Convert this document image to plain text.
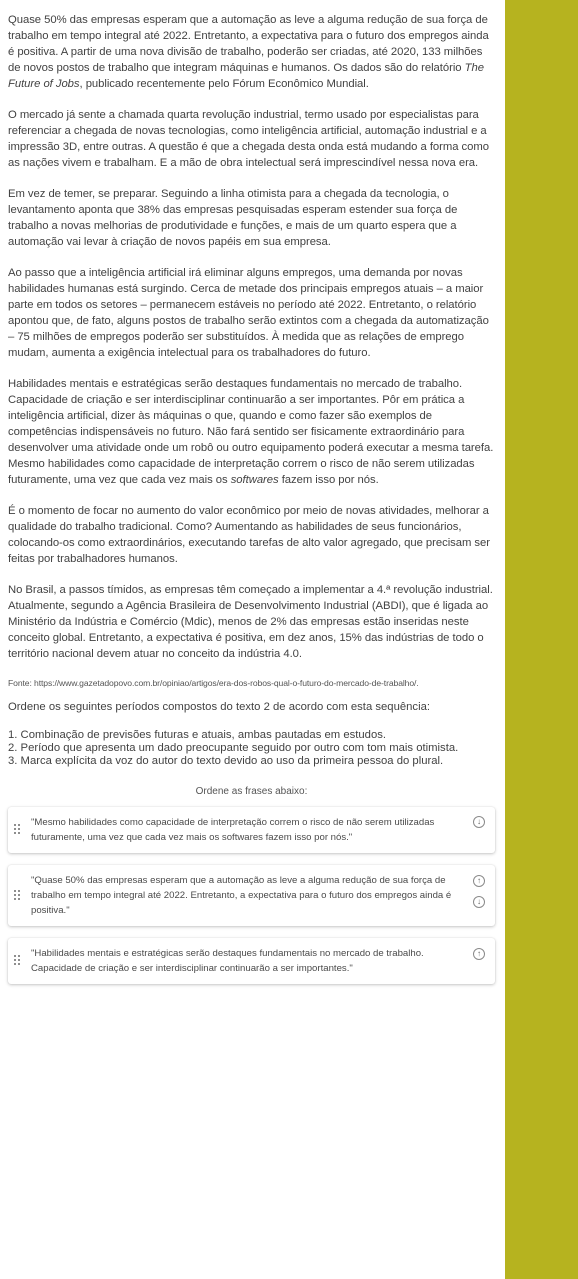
Quase 50% das empresas esperam que a automação as leve a alguma redução de sua força de trabalho em tempo integral até 2022. Entretanto, a expectativa para o futuro dos empregos ainda é positiva. A partir de uma nova divisão de trabalho, poderão ser criadas, até 2020, 133 milhões de novos postos de trabalho que integram máquinas e humanos. Os dados são do relatório The Future of Jobs, publicado recentemente pelo Fórum Econômico Mundial.

O mercado já sente a chamada quarta revolução industrial, termo usado por especialistas para referenciar a chegada de novas tecnologias, como inteligência artificial, automação industrial e a impressão 3D, entre outras. A questão é que a chegada desta onda está mudando a forma como as nações vivem e trabalham. E a mão de obra intelectual será imprescindível nessa nova era.

Em vez de temer, se preparar. Seguindo a linha otimista para a chegada da tecnologia, o levantamento aponta que 38% das empresas pesquisadas esperam estender sua força de trabalho a novas melhorias de produtividade e funções, e mais de um quarto espera que a automação vai levar à criação de novos papéis em sua empresa.

Ao passo que a inteligência artificial irá eliminar alguns empregos, uma demanda por novas habilidades humanas está surgindo. Cerca de metade dos principais empregos atuais – a maior parte em todos os setores – permanecem estáveis no período até 2022. Entretanto, o relatório apontou que, de fato, alguns postos de trabalho serão extintos com a chegada da automatização – 75 milhões de empregos poderão ser substituídos. À medida que as relações de emprego mudam, aumenta a exigência intelectual para os trabalhadores do futuro.

Habilidades mentais e estratégicas serão destaques fundamentais no mercado de trabalho. Capacidade de criação e ser interdisciplinar continuarão a ser importantes. Pôr em prática a inteligência artificial, dizer às máquinas o que, quando e como fazer são exemplos de competências indispensáveis no futuro. Não fará sentido ser fisicamente extraordinário para desenvolver uma atividade onde um robô ou outro equipamento poderá executar a mesma tarefa. Mesmo habilidades como capacidade de interpretação correm o risco de não serem utilizadas futuramente, uma vez que cada vez mais os softwares fazem isso por nós.

É o momento de focar no aumento do valor econômico por meio de novas atividades, melhorar a qualidade do trabalho tradicional. Como? Aumentando as habilidades de seus funcionários, colocando-os como extraordinários, executando tarefas de alto valor agregado, que precisam ser feitas por trabalhadores humanos.

No Brasil, a passos tímidos, as empresas têm começado a implementar a 4.ª revolução industrial. Atualmente, segundo a Agência Brasileira de Desenvolvimento Industrial (ABDI), que é ligada ao Ministério da Indústria e Comércio (Mdic), menos de 2% das empresas estão inseridas neste conceito global. Entretanto, a expectativa é positiva, em dez anos, 15% das indústrias de todo o território nacional devem atuar no conceito da indústria 4.0.

Fonte: https://www.gazetadopovo.com.br/opiniao/artigos/era-dos-robos-qual-o-futuro-do-mercado-de-trabalho/.

Ordene os seguintes períodos compostos do texto 2 de acordo com esta sequência:

1. Combinação de previsões futuras e atuais, ambas pautadas em estudos.
2. Período que apresenta um dado preocupante seguido por outro com tom mais otimista.
3. Marca explícita da voz do autor do texto devido ao uso da primeira pessoa do plural.
Ordene as frases abaixo:
"Mesmo habilidades como capacidade de interpretação correm o risco de não serem utilizadas futuramente, uma vez que cada vez mais os softwares fazem isso por nós."
↓
"Quase 50% das empresas esperam que a automação as leve a alguma redução de sua força de trabalho em tempo integral até 2022. Entretanto, a expectativa para o futuro dos empregos ainda é positiva."
↑
↓
"Habilidades mentais e estratégicas serão destaques fundamentais no mercado de trabalho. Capacidade de criação e ser interdisciplinar continuarão a ser importantes."
↑
